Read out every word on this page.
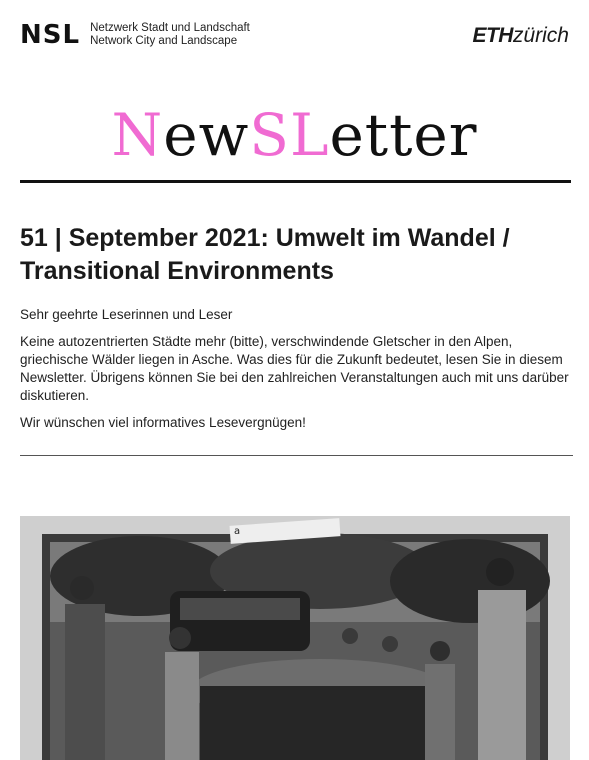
NSL Netzwerk Stadt und Landschaft
Network City and Landscape	ETHzürich
NewSLetter
51 | September 2021: Umwelt im Wandel / Transitional Environments

Sehr geehrte Leserinnen und Leser

Keine autozentrierten Städte mehr (bitte), verschwindende Gletscher in den Alpen, griechische Wälder liegen in Asche. Was dies für die Zukunft bedeutet, lesen Sie in diesem Newsletter. Übrigens können Sie bei den zahlreichen Veranstaltungen auch mit uns darüber diskutieren.

Wir wünschen viel informatives Lesevergnügen!

a
